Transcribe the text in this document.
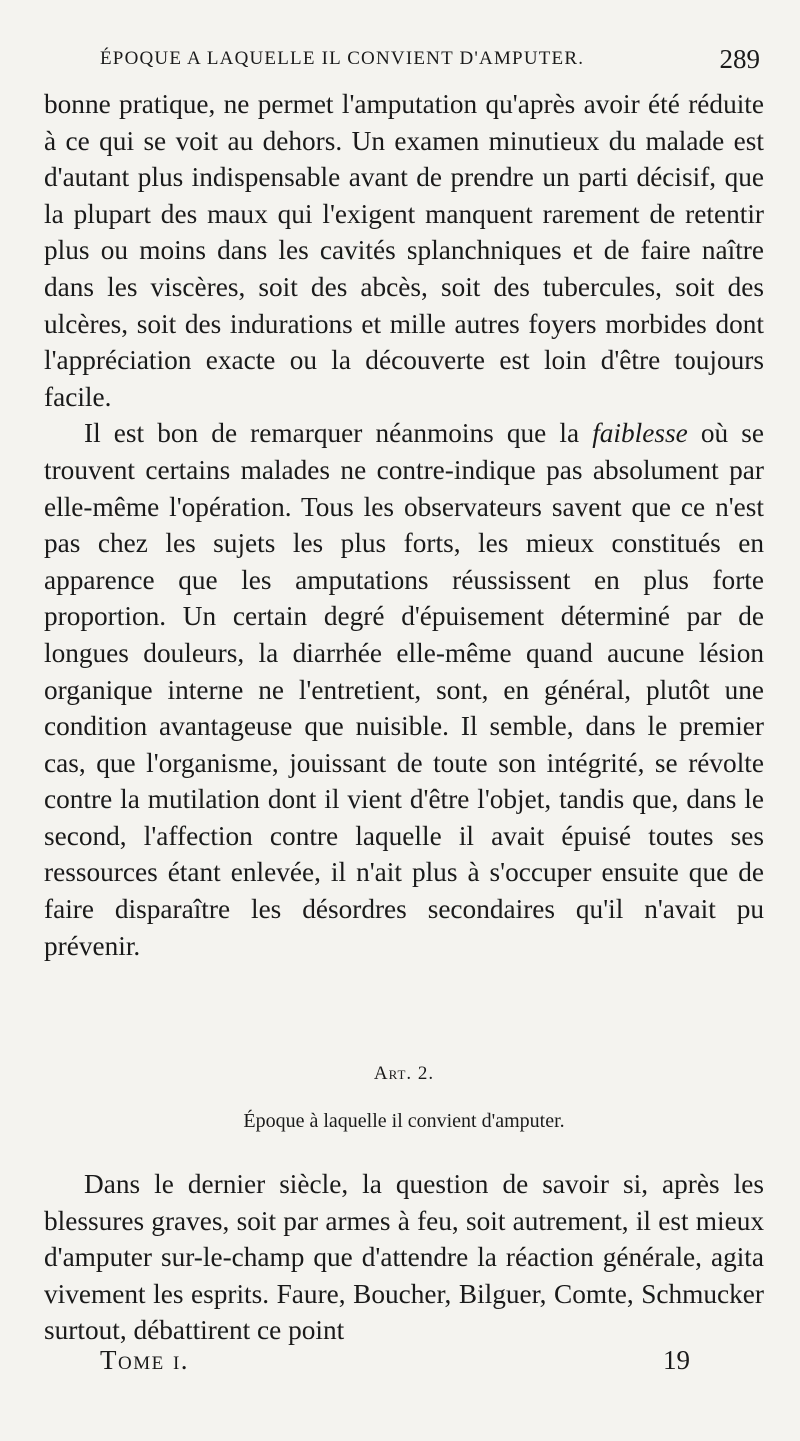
ÉPOQUE A LAQUELLE IL CONVIENT D'AMPUTER.	289

bonne pratique, ne permet l'amputation qu'après avoir été réduite à ce qui se voit au dehors. Un examen minutieux du malade est d'autant plus indispensable avant de prendre un parti décisif, que la plupart des maux qui l'exigent manquent rarement de retentir plus ou moins dans les cavités splanchniques et de faire naître dans les viscères, soit des abcès, soit des tubercules, soit des ulcères, soit des indurations et mille autres foyers morbides dont l'appréciation exacte ou la découverte est loin d'être toujours facile.

Il est bon de remarquer néanmoins que la faiblesse où se trouvent certains malades ne contre-indique pas absolument par elle-même l'opération. Tous les observateurs savent que ce n'est pas chez les sujets les plus forts, les mieux constitués en apparence que les amputations réussissent en plus forte proportion. Un certain degré d'épuisement déterminé par de longues douleurs, la diarrhée elle-même quand aucune lésion organique interne ne l'entretient, sont, en général, plutôt une condition avantageuse que nuisible. Il semble, dans le premier cas, que l'organisme, jouissant de toute son intégrité, se révolte contre la mutilation dont il vient d'être l'objet, tandis que, dans le second, l'affection contre laquelle il avait épuisé toutes ses ressources étant enlevée, il n'ait plus à s'occuper ensuite que de faire disparaître les désordres secondaires qu'il n'avait pu prévenir.

Art. 2.
Époque à laquelle il convient d'amputer.

Dans le dernier siècle, la question de savoir si, après les blessures graves, soit par armes à feu, soit autrement, il est mieux d'amputer sur-le-champ que d'attendre la réaction générale, agita vivement les esprits. Faure, Boucher, Bilguer, Comte, Schmucker surtout, débattirent ce point

Tome i.	19
